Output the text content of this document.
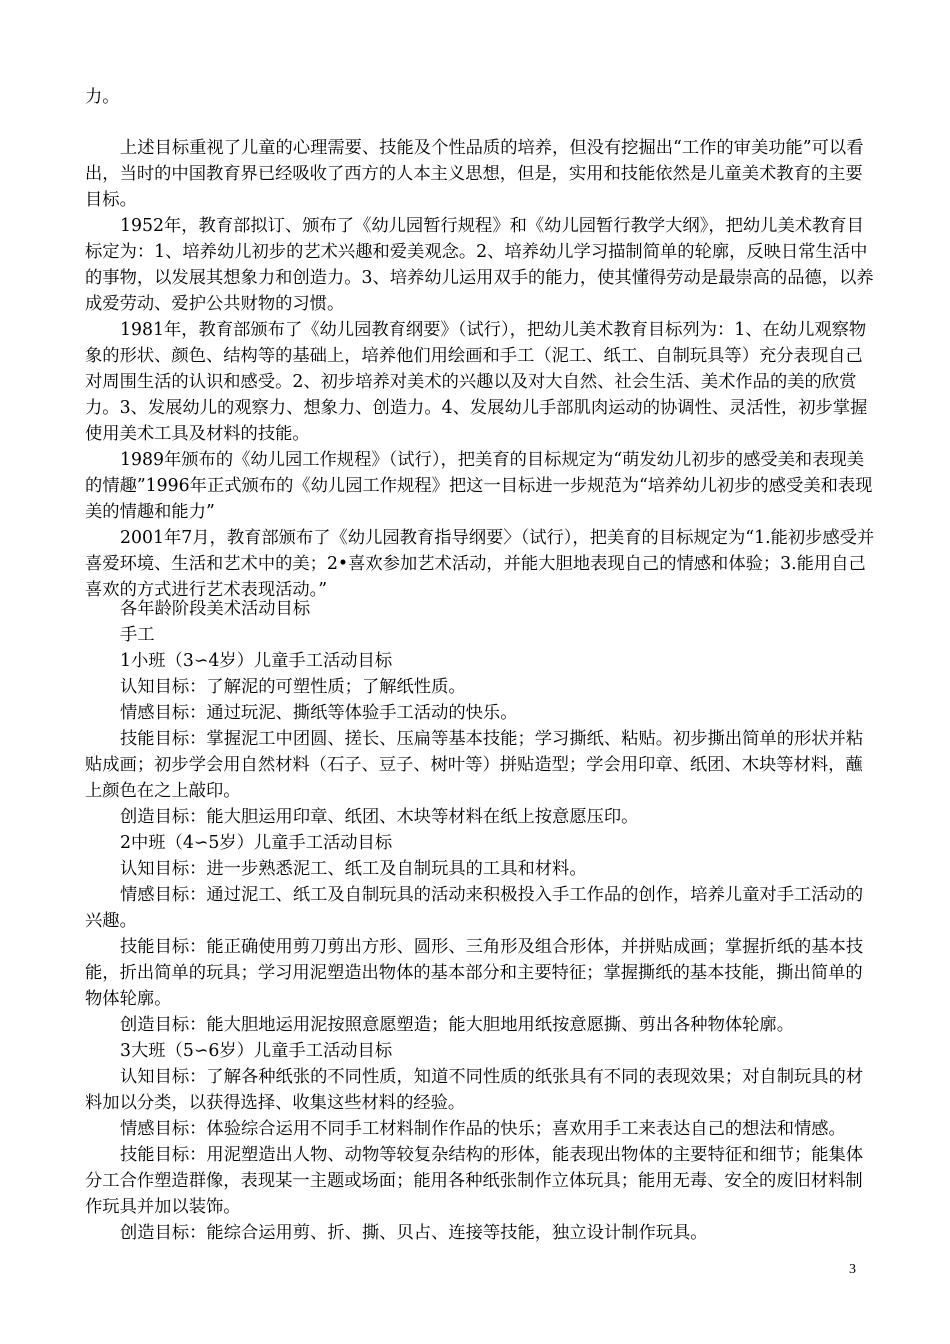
力。

上述目标重视了儿童的心理需要、技能及个性品质的培养，但没有挖掘出“工作的审美功能”可以看出，当时的中国教育界已经吸收了西方的人本主义思想，但是，实用和技能依然是儿童美术教育的主要目标。

1952年，教育部拟订、颁布了《幼儿园暂行规程》和《幼儿园暂行教学大纲》，把幼儿美术教育目标定为：1、培养幼儿初步的艺术兴趣和爱美观念。2、培养幼儿学习描制简单的轮廓，反映日常生活中的事物，以发展其想象力和创造力。3、培养幼儿运用双手的能力，使其懂得劳动是最崇高的品德，以养成爱劳动、爱护公共财物的习惯。

1981年，教育部颁布了《幼儿园教育纲要》（试行），把幼儿美术教育目标列为：1、在幼儿观察物象的形状、颜色、结构等的基础上，培养他们用绘画和手工（泥工、纸工、自制玩具等）充分表现自己对周围生活的认识和感受。2、初步培养对美术的兴趣以及对大自然、社会生活、美术作品的美的欣赏力。3、发展幼儿的观察力、想象力、创造力。4、发展幼儿手部肌肉运动的协调性、灵活性，初步掌握使用美术工具及材料的技能。

1989年颁布的《幼儿园工作规程》（试行），把美育的目标规定为“萌发幼儿初步的感受美和表现美的情趣”1996年正式颁布的《幼儿园工作规程》把这一目标进一步规范为“培养幼儿初步的感受美和表现美的情趣和能力”

2001年7月，教育部颁布了《幼儿园教育指导纲要〉（试行），把美育的目标规定为“1.能初步感受并喜爱环境、生活和艺术中的美；2•喜欢参加艺术活动，并能大胆地表现自己的情感和体验；3.能用自己喜欢的方式进行艺术表现活动。”

各年龄阶段美术活动目标

手工

1小班（3∽4岁）儿童手工活动目标

认知目标：了解泥的可塑性质；了解纸性质。

情感目标：通过玩泥、撕纸等体验手工活动的快乐。

技能目标：掌握泥工中团圆、搓长、压扁等基本技能；学习撕纸、粘贴。初步撕出简单的形状并粘贴成画；初步学会用自然材料（石子、豆子、树叶等）拼贴造型；学会用印章、纸团、木块等材料，蘸上颜色在之上敲印。

创造目标：能大胆运用印章、纸团、木块等材料在纸上按意愿压印。

2中班（4∽5岁）儿童手工活动目标

认知目标：进一步熟悉泥工、纸工及自制玩具的工具和材料。

情感目标：通过泥工、纸工及自制玩具的活动来积极投入手工作品的创作，培养儿童对手工活动的兴趣。

技能目标：能正确使用剪刀剪出方形、圆形、三角形及组合形体，并拼贴成画；掌握折纸的基本技能，折出简单的玩具；学习用泥塑造出物体的基本部分和主要特征；掌握撕纸的基本技能，撕出简单的物体轮廓。

创造目标：能大胆地运用泥按照意愿塑造；能大胆地用纸按意愿撕、剪出各种物体轮廓。

3大班（5∽6岁）儿童手工活动目标

认知目标：了解各种纸张的不同性质，知道不同性质的纸张具有不同的表现效果；对自制玩具的材料加以分类，以获得选择、收集这些材料的经验。

情感目标：体验综合运用不同手工材料制作作品的快乐；喜欢用手工来表达自己的想法和情感。

技能目标：用泥塑造出人物、动物等较复杂结构的形体，能表现出物体的主要特征和细节；能集体分工合作塑造群像，表现某一主题或场面；能用各种纸张制作立体玩具；能用无毒、安全的废旧材料制作玩具并加以装饰。

创造目标：能综合运用剪、折、撕、贝占、连接等技能，独立设计制作玩具。

3
